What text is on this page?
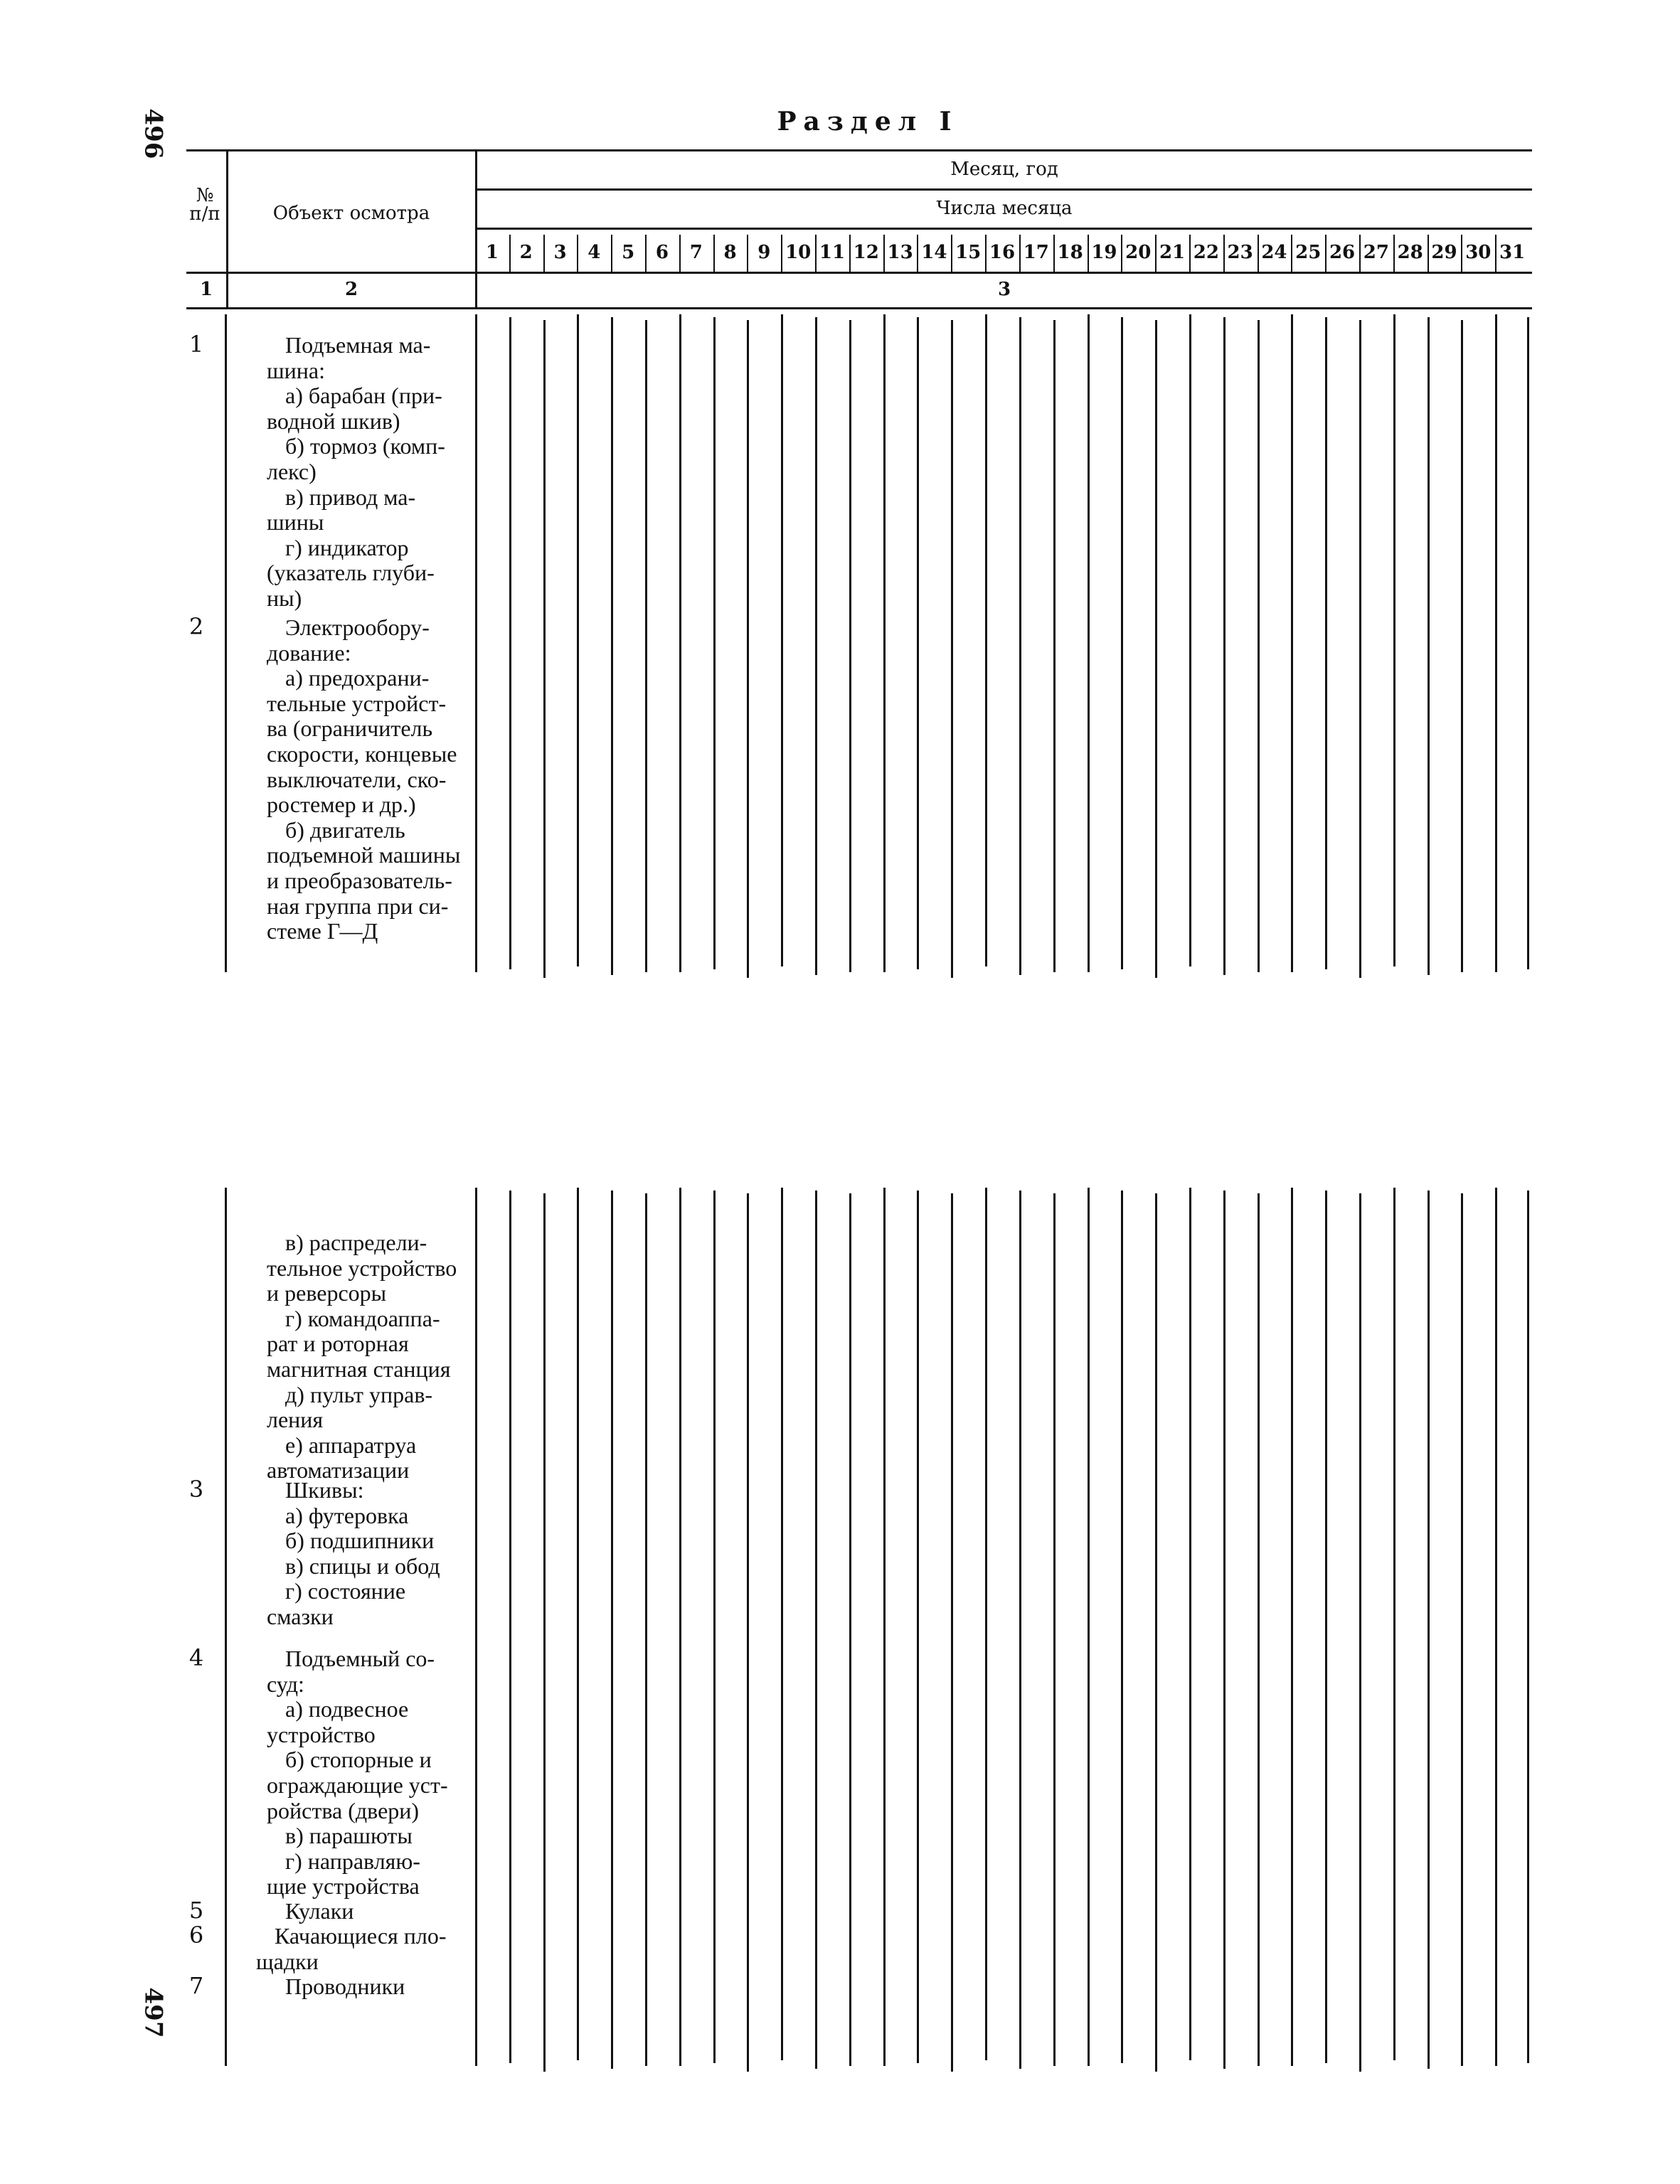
496
497
Раздел I
№
п/п	Объект осмотра
Месяц, год
Числа месяца
1	2	3	4	5	6	7	8	9 10 11 12 13 14 15 16 17 18 19 20 21 22 23 24 25 26 27 28 29 30 31
1	2	3
1	Подъемная ма-

шина:

а) барабан (при-

водной шкив)

б) тормоз (комп-

лекс)

в) привод ма-

шины

г) индикатор

(указатель глуби-

ны)

2	Электрообору-

дование:

а) предохрани-

тельные устройст-

ва (ограничитель

скорости, концевые

выключатели, ско-

ростемер и др.)

б) двигатель

подъемной машины

и преобразователь-

ная группа при си-

стеме Г—Д

в) распредели-

тельное устройство

и реверсоры

г) командоаппа-

рат и роторная

магнитная станция

д) пульт управ-

ления

е) аппаратруа

автоматизации

3	Шкивы:

а) футеровка

б) подшипники

в) спицы и обод

г) состояние

смазки

4	Подъемный со-

суд:

а) подвесное

устройство

б) стопорные и

ограждающие уст-

ройства (двери)

в) парашюты

г) направляю-

щие устройства

5	Кулаки

6	Качающиеся пло-

щадки

7	Проводники
